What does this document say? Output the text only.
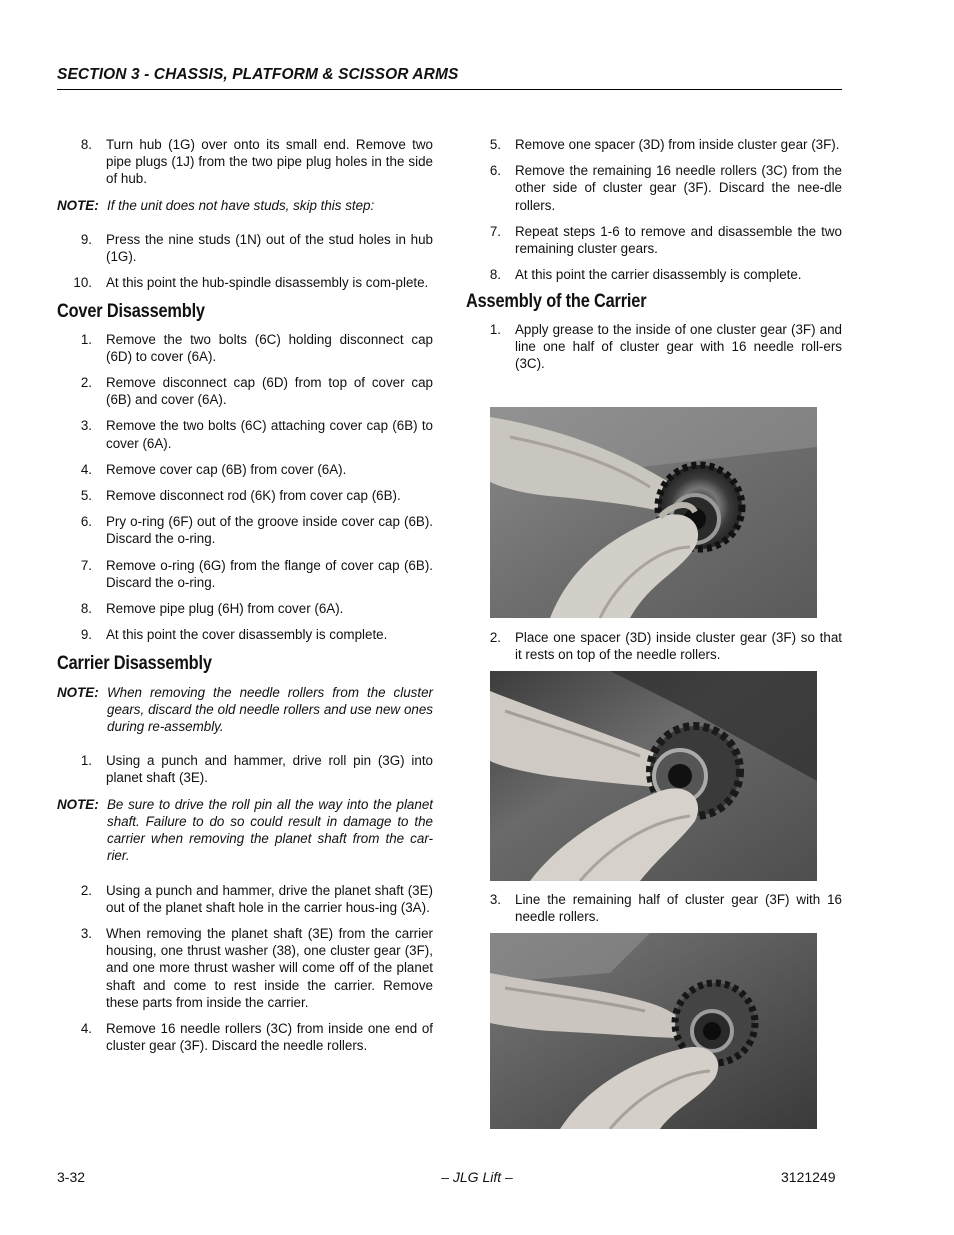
SECTION 3 - CHASSIS, PLATFORM & SCISSOR ARMS
8. Turn hub (1G) over onto its small end. Remove two pipe plugs (1J) from the two pipe plug holes in the side of hub.
NOTE: If the unit does not have studs, skip this step:
9. Press the nine studs (1N) out of the stud holes in hub (1G).
10. At this point the hub-spindle disassembly is com-plete.
Cover Disassembly
1. Remove the two bolts (6C) holding disconnect cap (6D) to cover (6A).
2. Remove disconnect cap (6D) from top of cover cap (6B) and cover (6A).
3. Remove the two bolts (6C) attaching cover cap (6B) to cover (6A).
4. Remove cover cap (6B) from cover (6A).
5. Remove disconnect rod (6K) from cover cap (6B).
6. Pry o-ring (6F) out of the groove inside cover cap (6B). Discard the o-ring.
7. Remove o-ring (6G) from the flange of cover cap (6B). Discard the o-ring.
8. Remove pipe plug (6H) from cover (6A).
9. At this point the cover disassembly is complete.
Carrier Disassembly
NOTE: When removing the needle rollers from the cluster gears, discard the old needle rollers and use new ones during re-assembly.
1. Using a punch and hammer, drive roll pin (3G) into planet shaft (3E).
NOTE: Be sure to drive the roll pin all the way into the planet shaft. Failure to do so could result in damage to the carrier when removing the planet shaft from the car-rier.
2. Using a punch and hammer, drive the planet shaft (3E) out of the planet shaft hole in the carrier hous-ing (3A).
3. When removing the planet shaft (3E) from the carrier housing, one thrust washer (38), one cluster gear (3F), and one more thrust washer will come off of the planet shaft and come to rest inside the carrier. Remove these parts from inside the carrier.
4. Remove 16 needle rollers (3C) from inside one end of cluster gear (3F). Discard the needle rollers.
5. Remove one spacer (3D) from inside cluster gear (3F).
6. Remove the remaining 16 needle rollers (3C) from the other side of cluster gear (3F). Discard the nee-dle rollers.
7. Repeat steps 1-6 to remove and disassemble the two remaining cluster gears.
8. At this point the carrier disassembly is complete.
Assembly of the Carrier
1. Apply grease to the inside of one cluster gear (3F) and line one half of cluster gear with 16 needle roll-ers (3C).
2. Place one spacer (3D) inside cluster gear (3F) so that it rests on top of the needle rollers.
3. Line the remaining half of cluster gear (3F) with 16 needle rollers.
3-32	– JLG Lift –	3121249
